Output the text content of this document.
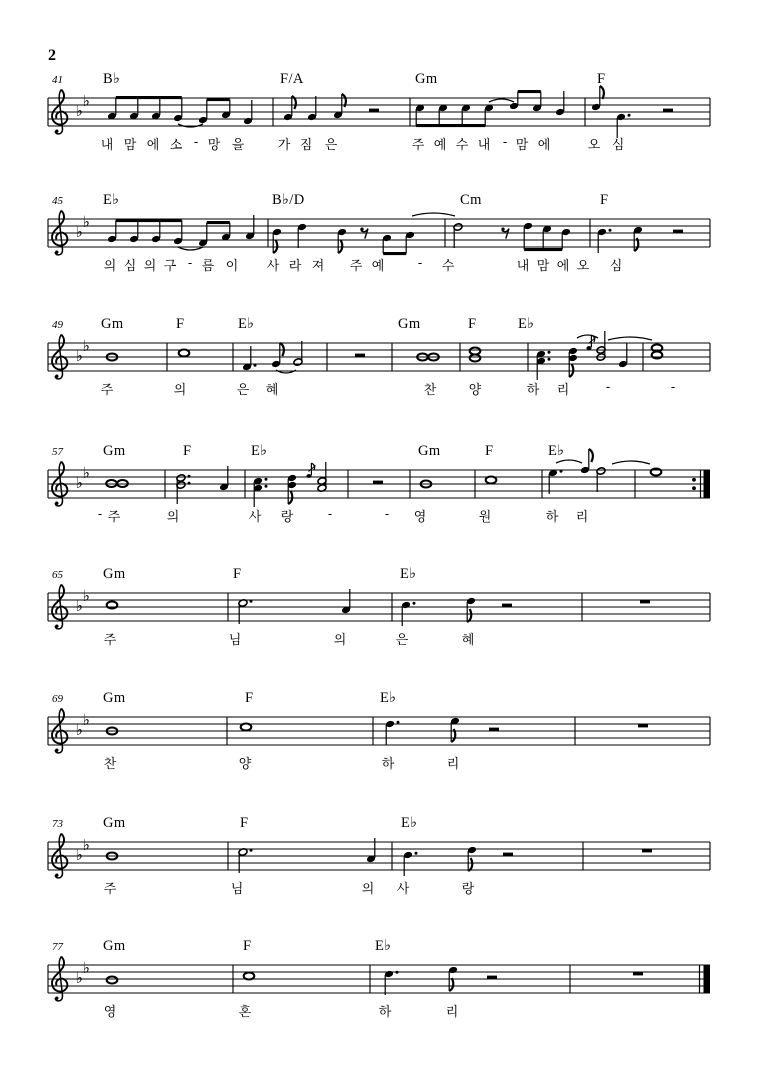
2
♭
♭
♭
♭
♭
♭
♭
♭
♭
♭
♭
♭
♭
♭
♭
♭
41	B♭	F/A	Gm	F
내 맘 에 소 - 망 을	가 짐 은	주 예 수 내 - 맘 에	오 심
45	E♭	B♭/D	Cm	F
의 심 의 구 - 름 이 사 라 져 주 예	- 수	내 맘 에 오 심
49	Gm	F	E♭	Gm	F	E♭
주	의	은 혜	찬 양	하 리	-	-
57	Gm	F	E♭	Gm	F	E♭
- 주	의	사 랑	-	- 영	원	하 리
65	Gm	F	E♭
주	님	의	은	혜
69	Gm	F	E♭
찬	양	하	리
73	Gm	F	E♭
주	님	의 사	랑
77	Gm	F	E♭
영	혼	하	리
